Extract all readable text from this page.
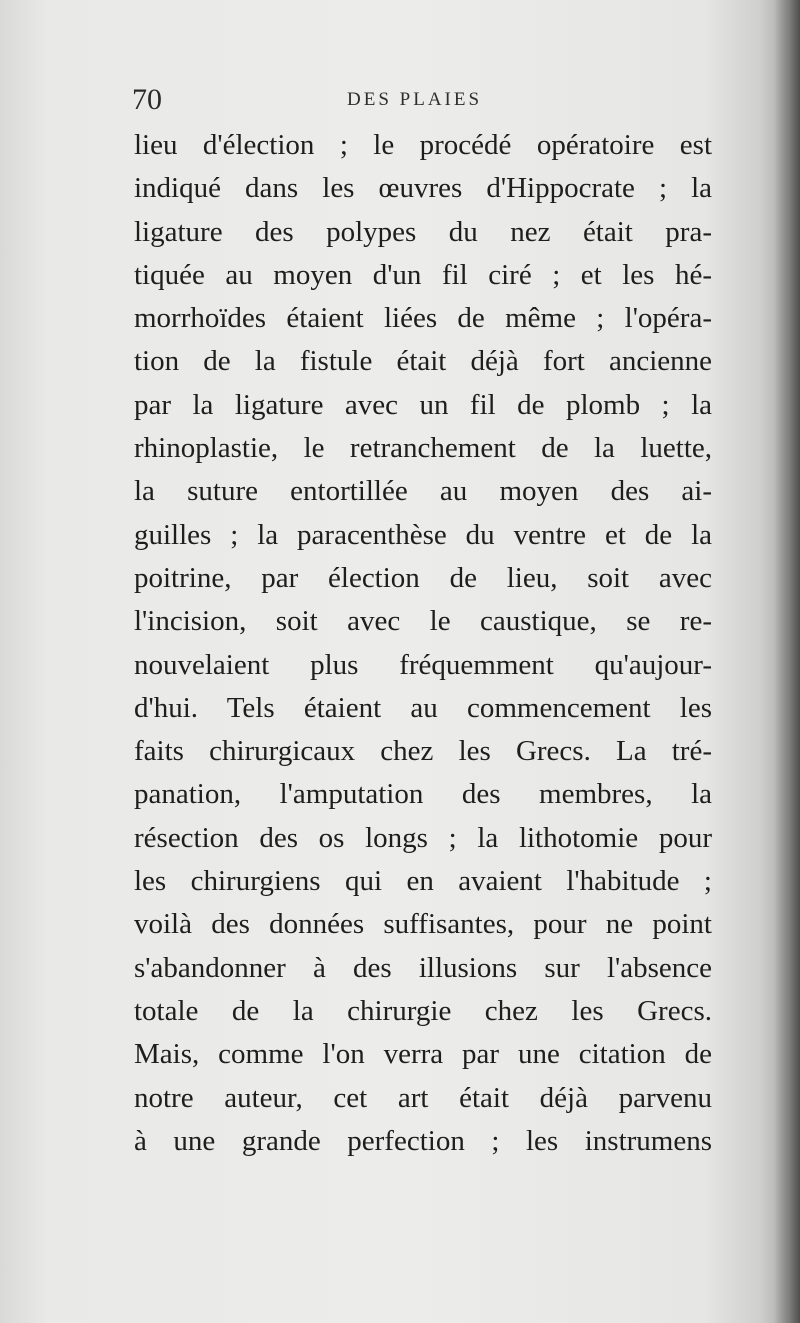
70	DES PLAIES
lieu d'élection ; le procédé opératoire est
indiqué dans les œuvres d'Hippocrate ; la
ligature des polypes du nez était pra-
tiquée au moyen d'un fil ciré ; et les hé-
morrhoïdes étaient liées de même ; l'opéra-
tion de la fistule était déjà fort ancienne
par la ligature avec un fil de plomb ; la
rhinoplastie, le retranchement de la luette,
la suture entortillée au moyen des ai-
guilles ; la paracenthèse du ventre et de la
poitrine, par élection de lieu, soit avec
l'incision, soit avec le caustique, se re-
nouvelaient plus fréquemment qu'aujour-
d'hui. Tels étaient au commencement les
faits chirurgicaux chez les Grecs. La tré-
panation, l'amputation des membres, la
résection des os longs ; la lithotomie pour
les chirurgiens qui en avaient l'habitude ;
voilà des données suffisantes, pour ne point
s'abandonner à des illusions sur l'absence
totale de la chirurgie chez les Grecs.
Mais, comme l'on verra par une citation de
notre auteur, cet art était déjà parvenu
à une grande perfection ; les instrumens
